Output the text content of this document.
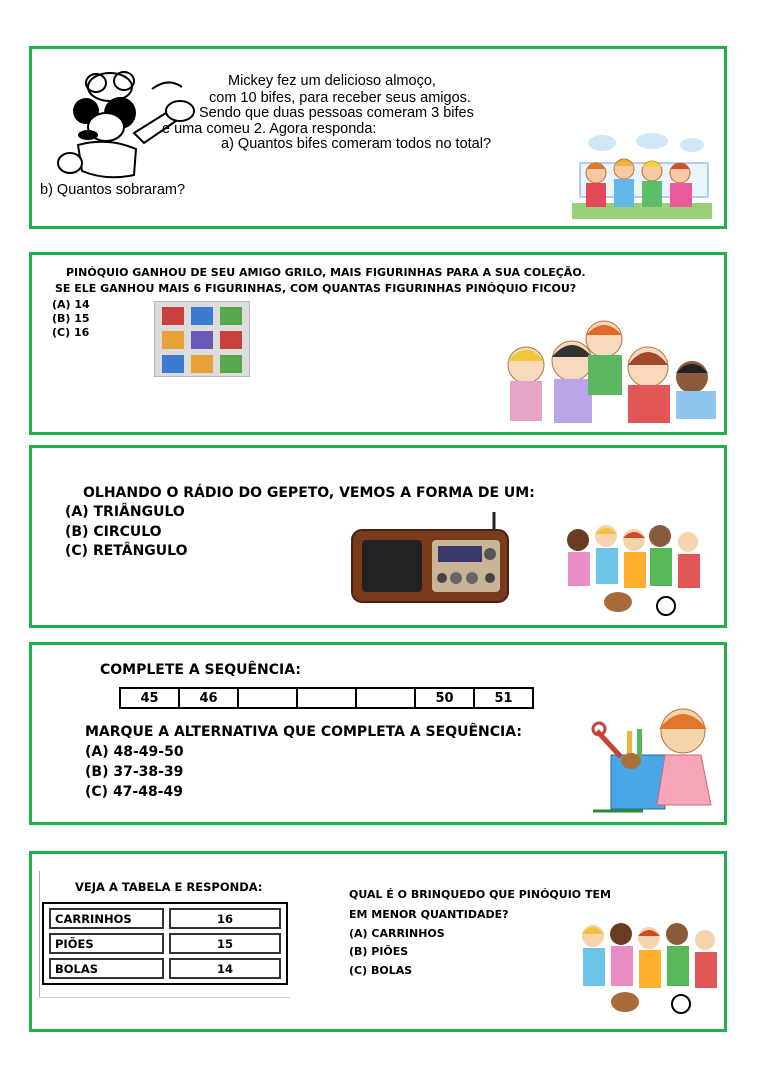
Mickey fez um delicioso almoço,
com 10 bifes, para receber seus amigos.
Sendo que duas pessoas comeram 3 bifes
e uma comeu 2. Agora responda:
a) Quantos bifes comeram todos no total?
b) Quantos sobraram?
PINÓQUIO GANHOU DE SEU AMIGO GRILO, MAIS FIGURINHAS PARA A SUA COLEÇÃO.
SE ELE GANHOU MAIS 6 FIGURINHAS, COM QUANTAS FIGURINHAS PINÓQUIO FICOU?
(A) 14
(B) 15
(C) 16
OLHANDO O RÁDIO DO GEPETO, VEMOS A FORMA DE UM:
(A) TRIÂNGULO
(B) CIRCULO
(C) RETÂNGULO
COMPLETE A SEQUÊNCIA:
45	46				50	51
MARQUE A ALTERNATIVA QUE COMPLETA A SEQUÊNCIA:
(A) 48-49-50
(B) 37-38-39
(C) 47-48-49
VEJA A TABELA E RESPONDA:
CARRINHOS	16
PIÕES	15
BOLAS	14
QUAL É O BRINQUEDO QUE PINÓQUIO TEM
EM MENOR QUANTIDADE?
(A) CARRINHOS
(B) PIÕES
(C) BOLAS
